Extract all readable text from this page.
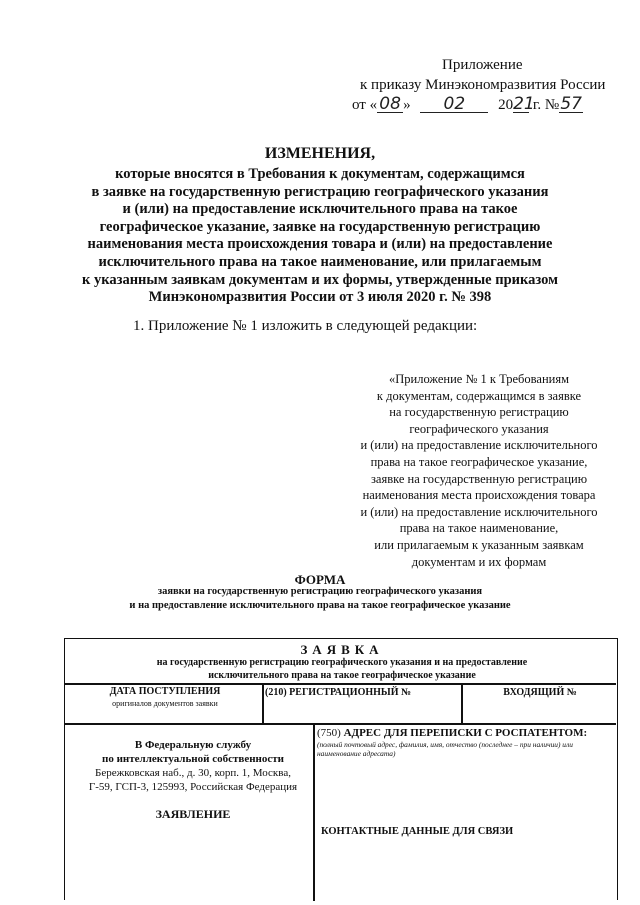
Приложение
к приказу Минэкономразвития России
от « 08 » 02 2021 г. №57
ИЗМЕНЕНИЯ,
которые вносятся в Требования к документам, содержащимся
в заявке на государственную регистрацию географического указания
и (или) на предоставление исключительного права на такое
географическое указание, заявке на государственную регистрацию
наименования места происхождения товара и (или) на предоставление
исключительного права на такое наименование, или прилагаемым
к указанным заявкам документам и их формы, утвержденные приказом
Минэкономразвития России от 3 июля 2020 г. № 398
1. Приложение № 1 изложить в следующей редакции:
«Приложение № 1 к Требованиям
к документам, содержащимся в заявке
на государственную регистрацию
географического указания
и (или) на предоставление исключительного
права на такое географическое указание,
заявке на государственную регистрацию
наименования места происхождения товара
и (или) на предоставление исключительного
права на такое наименование,
или прилагаемым к указанным заявкам
документам и их формам
ФОРМА
заявки на государственную регистрацию географического указания
и на предоставление исключительного права на такое географическое указание
ЗАЯВКА
на государственную регистрацию географического указания и на предоставление
исключительного права на такое географическое указание
ДАТА ПОСТУПЛЕНИЯ
оригиналов документов заявки
(210) РЕГИСТРАЦИОННЫЙ №	ВХОДЯЩИЙ №
В Федеральную службу
по интеллектуальной собственности
Бережковская наб., д. 30, корп. 1, Москва,
Г-59, ГСП-3, 125993, Российская Федерация
ЗАЯВЛЕНИЕ
(750) АДРЕС ДЛЯ ПЕРЕПИСКИ С РОСПАТЕНТОМ:
(полный почтовый адрес, фамилия, имя, отчество (последнее – при наличии) или наименование адресата)
КОНТАКТНЫЕ ДАННЫЕ ДЛЯ СВЯЗИ
